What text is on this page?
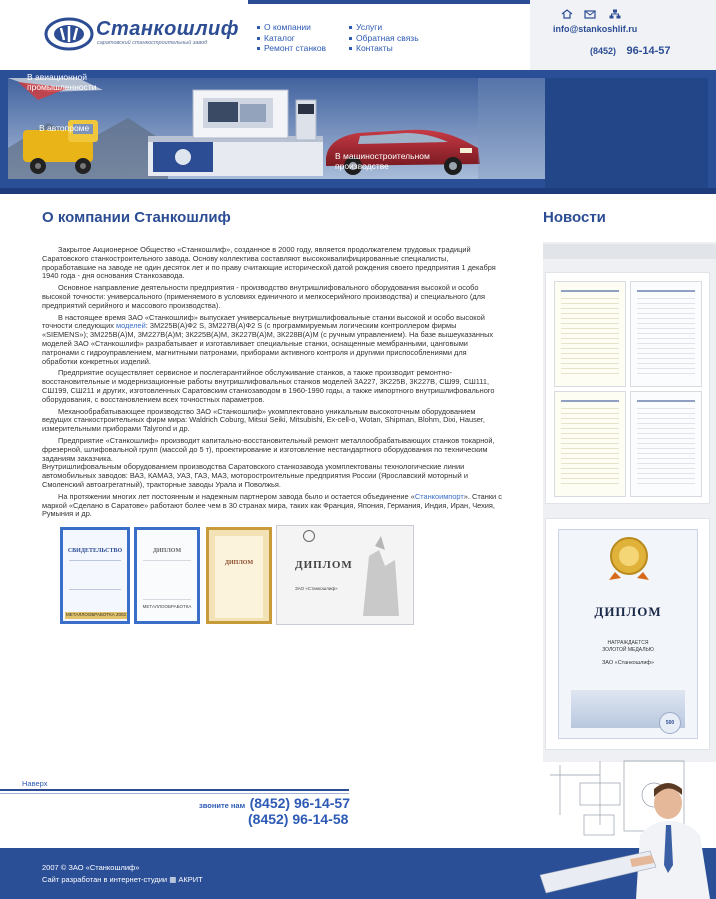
Станкошлиф
саратовский станкостроительный завод
О компании
Каталог
Ремонт станков
Услуги
Обратная связь
Контакты
info@stankoshlif.ru
(8452) 96-14-57
В авиационной промышленности
В автопроме
В машиностроительном производстве
О компании Станкошлиф	Новости

Закрытое Акционерное Общество «Станкошлиф», созданное в 2000 году, является продолжателем трудовых традиций Саратовского станкостроительного завода. Основу коллектива составляют высококвалифицированные специалисты, проработавшие на заводе не один десяток лет и по праву считающие исторической датой рождения своего предприятия 1 декабря 1940 года - дня основания Станкозавода.

Основное направление деятельности предприятия - производство внутришлифовального оборудования высокой и особо высокой точности: универсального (применяемого в условиях единичного и мелкосерийного производства) и специального (для предприятий серийного и массового производства).

В настоящее время ЗАО «Станкошлиф» выпускает универсальные внутришлифовальные станки высокой и особо высокой точности следующих моделей: 3М225В(А)Ф2 S, 3М227В(А)Ф2 S (с программируемым логическим контроллером фирмы «SIEMENS»); 3М225В(А)М, 3М227В(А)М; 3К225В(А)М, 3К227В(А)М, 3К228В(А)М (с ручным управлением). На базе вышеуказанных моделей ЗАО «Станкошлиф» разрабатывает и изготавливает специальные станки, оснащенные мембранными, цанговыми патронами с гидроуправлением, магнитными патронами, приборами активного контроля и другими приспособлениями для обработки конкретных изделий.

Предприятие осуществляет сервисное и послегарантийное обслуживание станков, а также производит ремонтно-восстановительные и модернизационные работы внутришлифовальных станков моделей 3А227, 3К225В, 3К227В, СШ99, СШ111, СШ199, СШ211 и других, изготовленных Саратовским станкозаводом в 1960-1990 годы, а также импортного внутришлифовального оборудования, с восстановлением всех точностных параметров.

Механообрабатывающее производство ЗАО «Станкошлиф» укомплектовано уникальным высокоточным оборудованием ведущих станкостроительных фирм мира: Waldrich Coburg, Mitsui Seiki, Mitsubishi, Ex-cell-o, Wotan, Shipman, Blohm, Dixi, Hauser, измерительными приборами Talyrond и др.

Предприятие «Станкошлиф» производит капитально-восстановительный ремонт металлообрабатывающих станков токарной, фрезерной, шлифовальной групп (массой до 5 т), проектирование и изготовление нестандартного оборудования по техническим заданиям заказчика.

Внутришлифовальным оборудованием производства Саратовского станкозавода укомплектованы технологические линии автомобильных заводов: ВАЗ, КАМАЗ, УАЗ, ГАЗ, МАЗ, моторостроительные предприятия России (Ярославский моторный и Смоленский автоагрегатный), тракторные заводы Урала и Поволжья.

На протяжении многих лет постоянным и надежным партнером завода было и остается объединение «Станкоимпорт». Станки с маркой «Сделано в Саратове» работают более чем в 30 странах мира, таких как Франция, Япония, Германия, Индия, Иран, Чехия, Румыния и др.

СВИДЕТЕЛЬСТВО
МЕТАЛЛООБРАБОТКА 2002
ДИПЛОМ
МЕТАЛЛООБРАБОТКА
ДИПЛОМ	ДИПЛОМ
ЗАО «Станкошлиф»
ДИПЛОМ
НАГРАЖДАЕТСЯ
ЗОЛОТОЙ МЕДАЛЬЮ
ЗАО «Станкошлиф»
500
Наверх
звоните нам (8452) 96-14-57
(8452) 96-14-58
2007 © ЗАО «Станкошлиф»
Сайт разработан в интернет-студии ▦ АКРИТ
